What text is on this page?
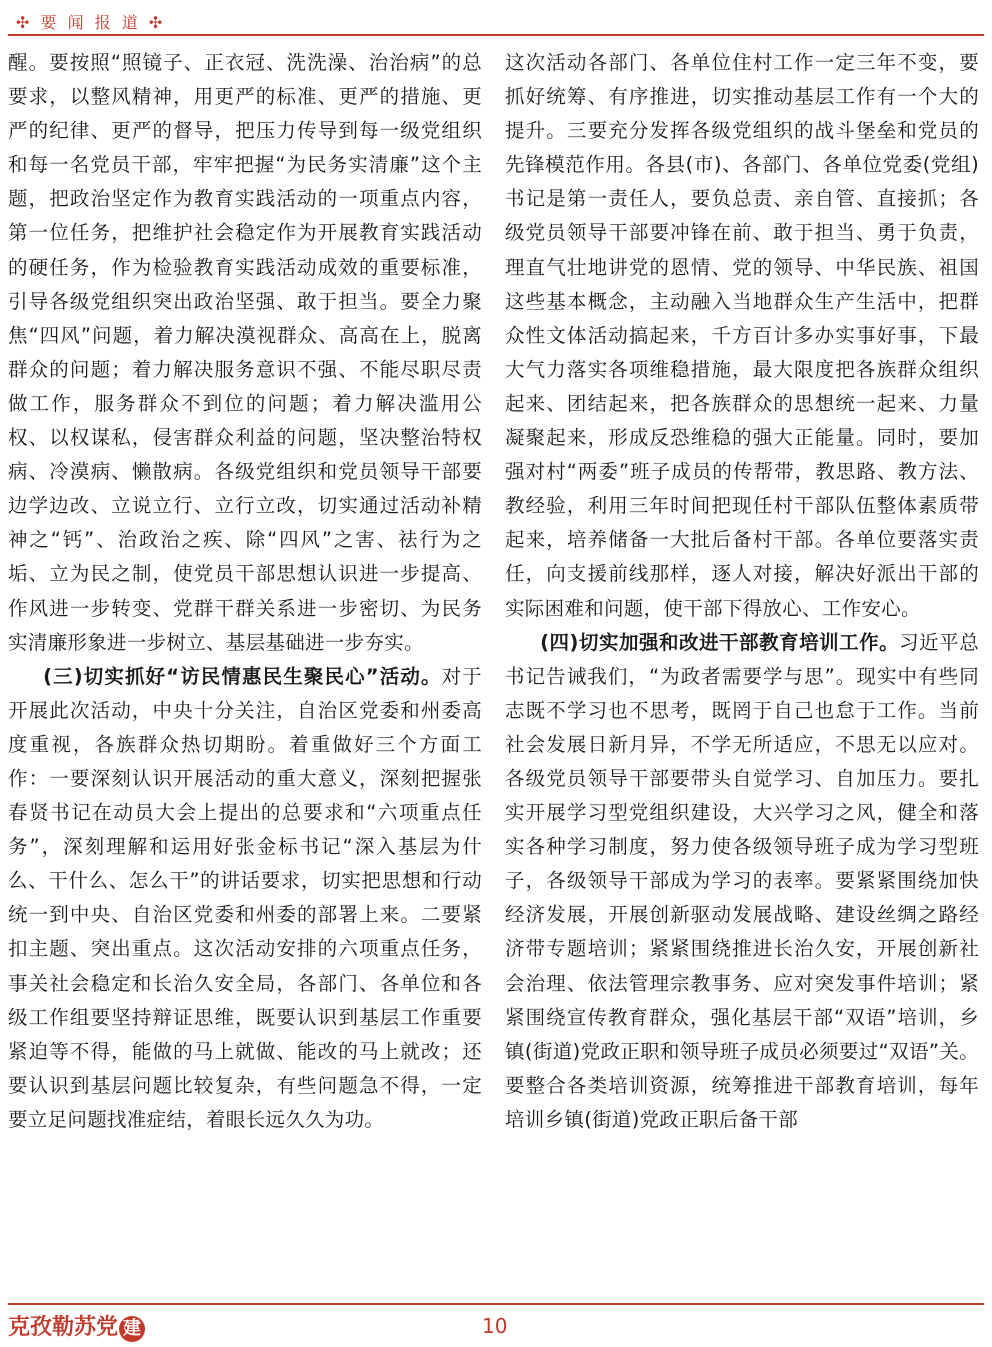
✣ 要 闻 报 道 ✣

醒。要按照“照镜子、正衣冠、洗洗澡、治治病”的总要求，以整风精神，用更严的标准、更严的措施、更严的纪律、更严的督导，把压力传导到每一级党组织和每一名党员干部，牢牢把握“为民务实清廉”这个主题，把政治坚定作为教育实践活动的一项重点内容，第一位任务，把维护社会稳定作为开展教育实践活动的硬任务，作为检验教育实践活动成效的重要标准，引导各级党组织突出政治坚强、敢于担当。要全力聚焦“四风”问题，着力解决漠视群众、高高在上，脱离群众的问题；着力解决服务意识不强、不能尽职尽责做工作，服务群众不到位的问题；着力解决滥用公权、以权谋私，侵害群众利益的问题，坚决整治特权病、冷漠病、懒散病。各级党组织和党员领导干部要边学边改、立说立行、立行立改，切实通过活动补精神之“钙”、治政治之疾、除“四风”之害、祛行为之垢、立为民之制，使党员干部思想认识进一步提高、作风进一步转变、党群干群关系进一步密切、为民务实清廉形象进一步树立、基层基础进一步夯实。

(三)切实抓好“访民情惠民生聚民心”活动。对于开展此次活动，中央十分关注，自治区党委和州委高度重视，各族群众热切期盼。着重做好三个方面工作：一要深刻认识开展活动的重大意义，深刻把握张春贤书记在动员大会上提出的总要求和“六项重点任务”，深刻理解和运用好张金标书记“深入基层为什么、干什么、怎么干”的讲话要求，切实把思想和行动统一到中央、自治区党委和州委的部署上来。二要紧扣主题、突出重点。这次活动安排的六项重点任务，事关社会稳定和长治久安全局，各部门、各单位和各级工作组要坚持辩证思维，既要认识到基层工作重要紧迫等不得，能做的马上就做、能改的马上就改；还要认识到基层问题比较复杂，有些问题急不得，一定要立足问题找准症结，着眼长远久久为功。

这次活动各部门、各单位住村工作一定三年不变，要抓好统筹、有序推进，切实推动基层工作有一个大的提升。三要充分发挥各级党组织的战斗堡垒和党员的先锋模范作用。各县(市)、各部门、各单位党委(党组)书记是第一责任人，要负总责、亲自管、直接抓；各级党员领导干部要冲锋在前、敢于担当、勇于负责，理直气壮地讲党的恩情、党的领导、中华民族、祖国这些基本概念，主动融入当地群众生产生活中，把群众性文体活动搞起来，千方百计多办实事好事，下最大气力落实各项维稳措施，最大限度把各族群众组织起来、团结起来，把各族群众的思想统一起来、力量凝聚起来，形成反恐维稳的强大正能量。同时，要加强对村“两委”班子成员的传帮带，教思路、教方法、教经验，利用三年时间把现任村干部队伍整体素质带起来，培养储备一大批后备村干部。各单位要落实责任，向支援前线那样，逐人对接，解决好派出干部的实际困难和问题，使干部下得放心、工作安心。

(四)切实加强和改进干部教育培训工作。习近平总书记告诫我们，“为政者需要学与思”。现实中有些同志既不学习也不思考，既罔于自己也怠于工作。当前社会发展日新月异，不学无所适应，不思无以应对。各级党员领导干部要带头自觉学习、自加压力。要扎实开展学习型党组织建设，大兴学习之风，健全和落实各种学习制度，努力使各级领导班子成为学习型班子，各级领导干部成为学习的表率。要紧紧围绕加快经济发展，开展创新驱动发展战略、建设丝绸之路经济带专题培训；紧紧围绕推进长治久安，开展创新社会治理、依法管理宗教事务、应对突发事件培训；紧紧围绕宣传教育群众，强化基层干部“双语”培训，乡镇(街道)党政正职和领导班子成员必须要过“双语”关。要整合各类培训资源，统筹推进干部教育培训，每年培训乡镇(街道)党政正职后备干部

克孜勒苏党 建	10
